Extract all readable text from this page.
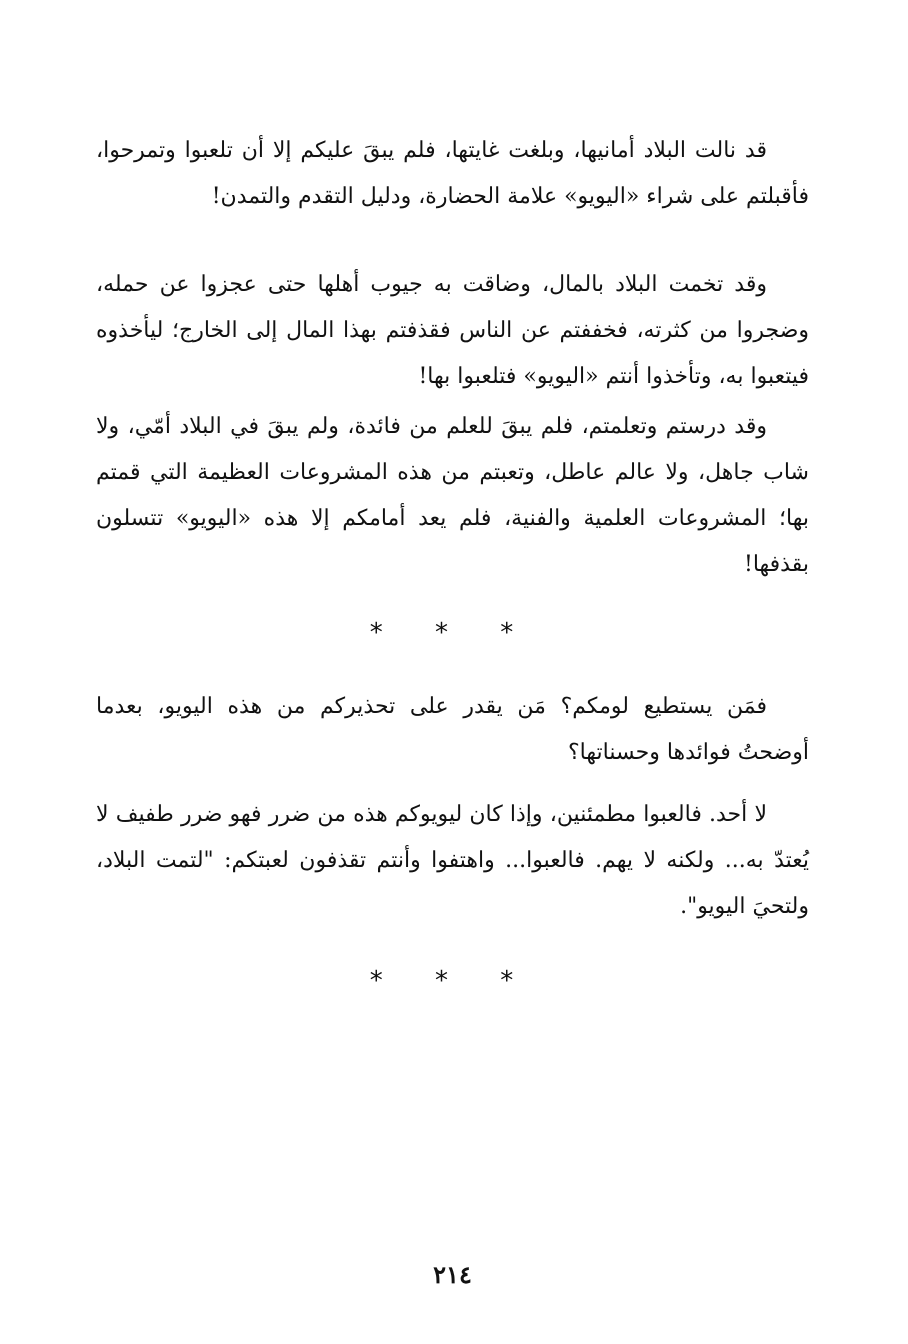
قد نالت البلاد أمانيها، وبلغت غايتها، فلم يبقَ عليكم إلا أن تلعبوا وتمرحوا، فأقبلتم على شراء «اليويو» علامة الحضارة، ودليل التقدم والتمدن!

وقد تخمت البلاد بالمال، وضاقت به جيوب أهلها حتى عجزوا عن حمله، وضجروا من كثرته، فخففتم عن الناس فقذفتم بهذا المال إلى الخارج؛ ليأخذوه فيتعبوا به، وتأخذوا أنتم «اليويو» فتلعبوا بها!

وقد درستم وتعلمتم، فلم يبقَ للعلم من فائدة، ولم يبقَ في البلاد أمّي، ولا شاب جاهل، ولا عالم عاطل، وتعبتم من هذه المشروعات العظيمة التي قمتم بها؛ المشروعات العلمية والفنية، فلم يعد أمامكم إلا هذه «اليويو» تتسلون بقذفها!

* * *

فمَن يستطيع لومكم؟ مَن يقدر على تحذيركم من هذه اليويو، بعدما أوضحتُ فوائدها وحسناتها؟

لا أحد. فالعبوا مطمئنين، وإذا كان ليويوكم هذه من ضرر فهو ضرر طفيف لا يُعتدّ به... ولكنه لا يهم. فالعبوا... واهتفوا وأنتم تقذفون لعبتكم: "لتمت البلاد، ولتحيَ اليويو".

* * *
٢١٤
